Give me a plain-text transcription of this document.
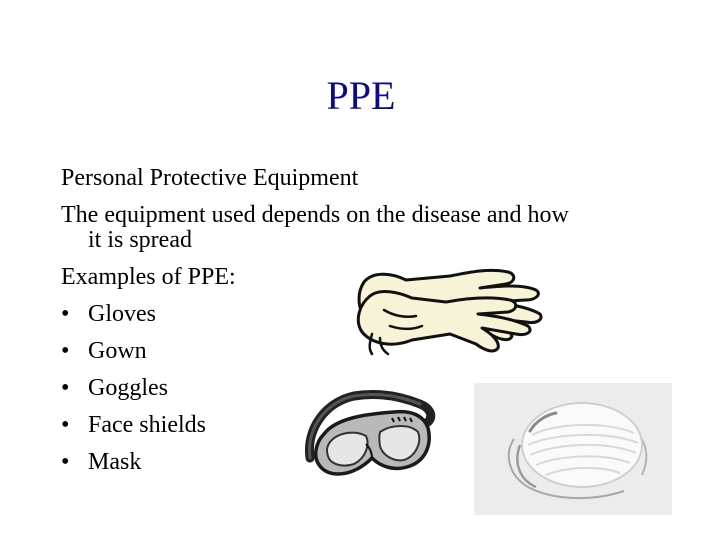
PPE

Personal Protective Equipment

The equipment used depends on the disease and how

it is spread

Examples of PPE:

• Gloves
• Gown
• Goggles
• Face shields
• Mask
